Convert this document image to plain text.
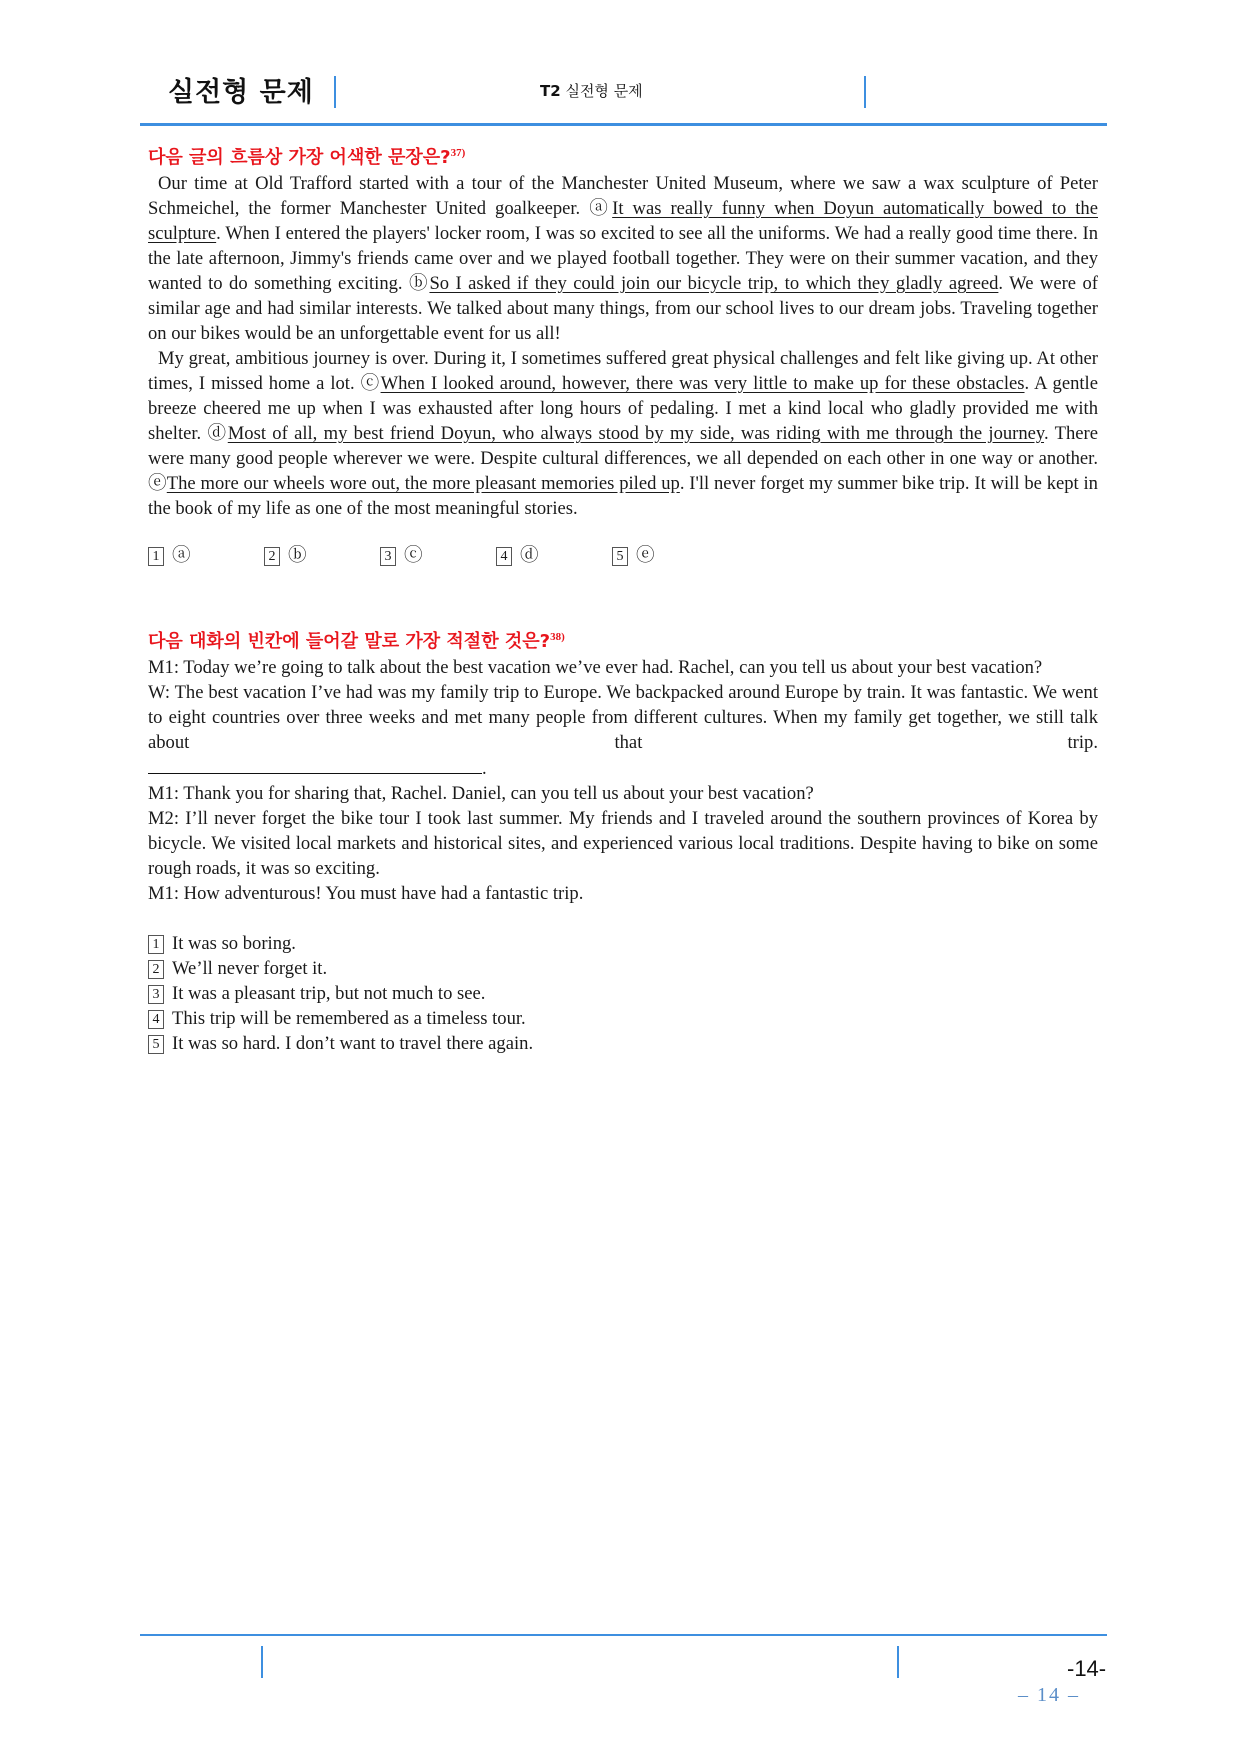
실전형 문제	T2 실전형 문제
다음 글의 흐름상 가장 어색한 문장은?$^{37)}$

Our time at Old Trafford started with a tour of the Manchester United Museum, where we saw a wax sculpture of Peter Schmeichel, the former Manchester United goalkeeper. ⓐIt was really funny when Doyun automatically bowed to the sculpture. When I entered the players' locker room, I was so excited to see all the uniforms. We had a really good time there. In the late afternoon, Jimmy's friends came over and we played football together. They were on their summer vacation, and they wanted to do something exciting. ⓑSo I asked if they could join our bicycle trip, to which they gladly agreed. We were of similar age and had similar interests. We talked about many things, from our school lives to our dream jobs. Traveling together on our bikes would be an unforgettable event for us all!

My great, ambitious journey is over. During it, I sometimes suffered great physical challenges and felt like giving up. At other times, I missed home a lot. ⓒWhen I looked around, however, there was very little to make up for these obstacles. A gentle breeze cheered me up when I was exhausted after long hours of pedaling. I met a kind local who gladly provided me with shelter. ⓓMost of all, my best friend Doyun, who always stood by my side, was riding with me through the journey. There were many good people wherever we were. Despite cultural differences, we all depended on each other in one way or another. ⓔThe more our wheels wore out, the more pleasant memories piled up. I'll never forget my summer bike trip. It will be kept in the book of my life as one of the most meaningful stories.

1 ⓐ	2 ⓑ	3 ⓒ	4 ⓓ	5 ⓔ
다음 대화의 빈칸에 들어갈 말로 가장 적절한 것은?$^{38)}$

M1: Today we’re going to talk about the best vacation we’ve ever had. Rachel, can you tell us about your best vacation?

W: The best vacation I’ve had was my family trip to Europe. We backpacked around Europe by train. It was fantastic. We went to eight countries over three weeks and met many people from different cultures. When my family get together, we still talk about that trip.

.

M1: Thank you for sharing that, Rachel. Daniel, can you tell us about your best vacation?

M2: I’ll never forget the bike tour I took last summer. My friends and I traveled around the southern provinces of Korea by bicycle. We visited local markets and historical sites, and experienced various local traditions. Despite having to bike on some rough roads, it was so exciting.

M1: How adventurous! You must have had a fantastic trip.

1 It was so boring.
2 We’ll never forget it.
3 It was a pleasant trip, but not much to see.
4 This trip will be remembered as a timeless tour.
5 It was so hard. I don’t want to travel there again.
-14-
– 14 –
